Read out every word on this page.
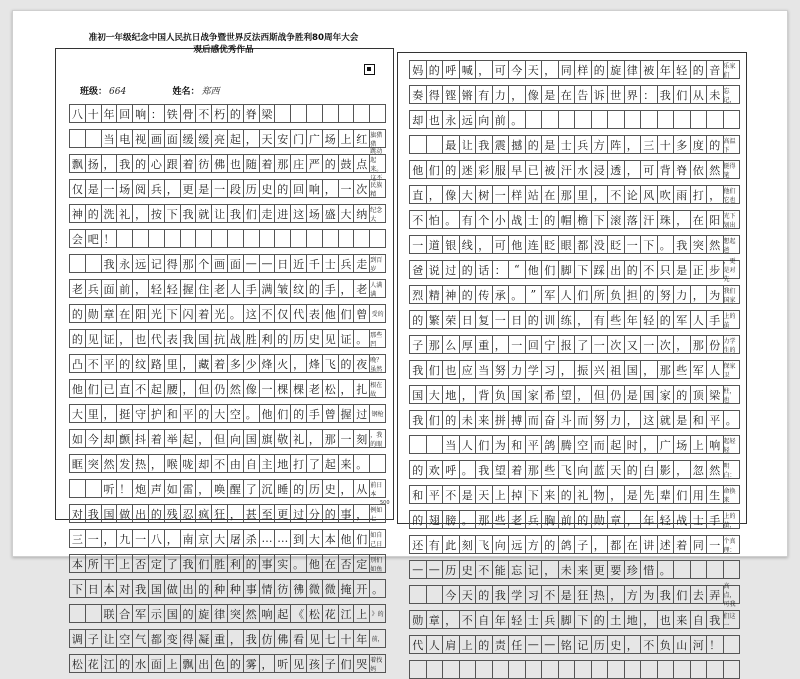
准初一年级纪念中国人民抗日战争暨世界反法西斯战争胜利80周年大会
观后感优秀作品
班级： 664	姓名： 郑西
八 十 年 回 响 ： 铁 骨 不 朽 的 脊 梁
当 电 视 画 面 缓 缓 亮 起 ， 天 安 门 广 场 上 红 旗猎猎
飘 扬 ， 我 的 心 跟 着 彷 佛 也 随 着 那 庄 严 的 鼓 点
跳动起来。这不
仅 是 一 场 阅 兵 ， 更 是 一 段 历 史 的 回 响 ， 一 次 民族精
神 的 洗 礼 ， 按 下 我 就 让 我 们 走 进 这 场 盛 大 纳 纪念大
会 吧 ！
我 永 远 记 得 那 个 画 面 — — 日 近 千 士 兵 走 到百岁
老 兵 面 前 ， 轻 轻 握 住 老 人 手 满 皱 纹 的 手 ， 老 人满满
的 勋 章 在 阳 光 下 闪 着 光 。 这 不 仅 代 表 他 们 曾 受的
的 见 证 ， 也 代 表 我 国 抗 战 胜 利 的 历 史 见 证 。 那些凹
凸 不 平 的 纹 路 里 ， 藏 着 多 少 烽 火 ， 烽 飞 的 夜 晚？虽然
他 们 已 直 不 起 腰 ， 但 仍 然 像 一 棵 棵 老 松 ， 扎 根在故
大 里 ， 挺 守 护 和 平 的 大 空 。 他 们 的 手 曾 握 过 钢枪
如 今 却 颤 抖 着 举 起 ， 但 向 国 旗 敬 礼 ， 那 一 刻 ，我的眼
眶 突 然 发 热 ， 喉 咙 却 不 由 自 主 地 打 了 起 来 。
听 ！ 炮 声 如 雷 ， 唤 醒 了 沉 睡 的 历 史 ， 从 前日本
对 我 国 做 出 的 残 忍 疯 狂 ， 甚 至 更 过 分 的 事 ， 例如七
三 一 ， 九 一 八 ， 南 京 大 屠 杀 … … 到 大 本 他 们 如自己日
本 所 干 上 否 定 了 我 们 胜 利 的 事 实 。 他 在 否 定 别们如鱼
下 日 本 对 我 国 做 出 的 种 种 事 情 彷 彿 微 微 掩 开 。
联 合 军 示 国 的 旋 律 突 然 响 起 《 松 花 江 上 》的
调 子 让 空 气 都 变 得 凝 重 ， 我 仿 佛 看 见 七 十 年 前，
松 花 江 的 水 面 上 飘 出 色 的 雾 ， 听 见 孩 子 们 哭 着找妈
妈 的 呼 喊 ， 可 今 天 ， 同 样 的 旋 律 被 年 轻 的 音 乐家们
奏 得 铿 锵 有 力 ， 像 是 在 告 诉 世 界 ： 我 们 从 未 忘记，
却 也 永 远 向 前 。
最 让 我 震 撼 的 是 士 兵 方 阵 ， 三 十 多 度 的 高温下
他 们 的 迷 彩 服 早 已 被 汗 水 浸 透 ， 可 背 脊 依 然 挺得笔
直 ， 像 大 树 一 样 站 在 那 里 ， 不 论 风 吹 雨 打 ， 他们它也
不 怕 。 有 个 小 战 士 的 帽 檐 下 滚 落 汗 珠 ， 在 阳 光下划出
一 道 银 线 ， 可 他 连 眨 眼 都 没 眨 一 下 。 我 突 然 想起爸
爸 说 过 的 话 ： “ 他 们 脚 下 踩 出 的 不 只 是 正 步
，更是对先
烈 精 神 的 传 承 。 ” 军 人 们 所 负 担 的 努 力 ， 为 我们国家
的 繁 荣 日 复 一 日 的 训 练 ， 有 些 年 轻 的 军 人 手 上的茧
子 那 么 厚 重 ， 一 回 宁 报 了 一 次 又 一 次 ， 那 份 力学生的
我 们 也 应 当 努 力 学 习 ， 振 兴 祖 国 ， 那 些 军 人 保家卫
国 大 地 ， 背 负 国 家 希 望 ， 但 仍 是 国 家 的 顶 梁 柱，也
我 们 的 未 来 拼 搏 而 奋 斗 而 努 力 ， 这 就 是 和 平 。
当 人 们 为 和 平 鸽 腾 空 而 起 时 ， 广 场 上 响 起轻轻
的 欢 呼 。 我 望 着 那 些 飞 向 蓝 天 的 白 影 ， 忽 然 明白：
和 平 不 是 天 上 掉 下 来 的 礼 物 ， 是 先 辈 们 用 生 命换来
的 翅 膀 。 那 些 老 兵 胸 前 的 勋 章 ， 年 轻 战 士 手 上的茧，
还 有 此 刻 飞 向 远 方 的 鸽 子 ， 都 在 讲 述 着 同 一 个真理：
— — 历 史 不 能 忘 记 ， 未 来 更 要 珍 惜 。
今 天 的 我 学 习 不 是 狂 热 ， 方 为 我 们 去 弄
高点，可我
勋 章 ， 不 自 年 轻 士 兵 脚 下 的 土 地 ， 也 来 自 我 们这一
代 人 肩 上 的 责 任 — — 铭 记 历 史 ， 不 负 山 河 ！
500
